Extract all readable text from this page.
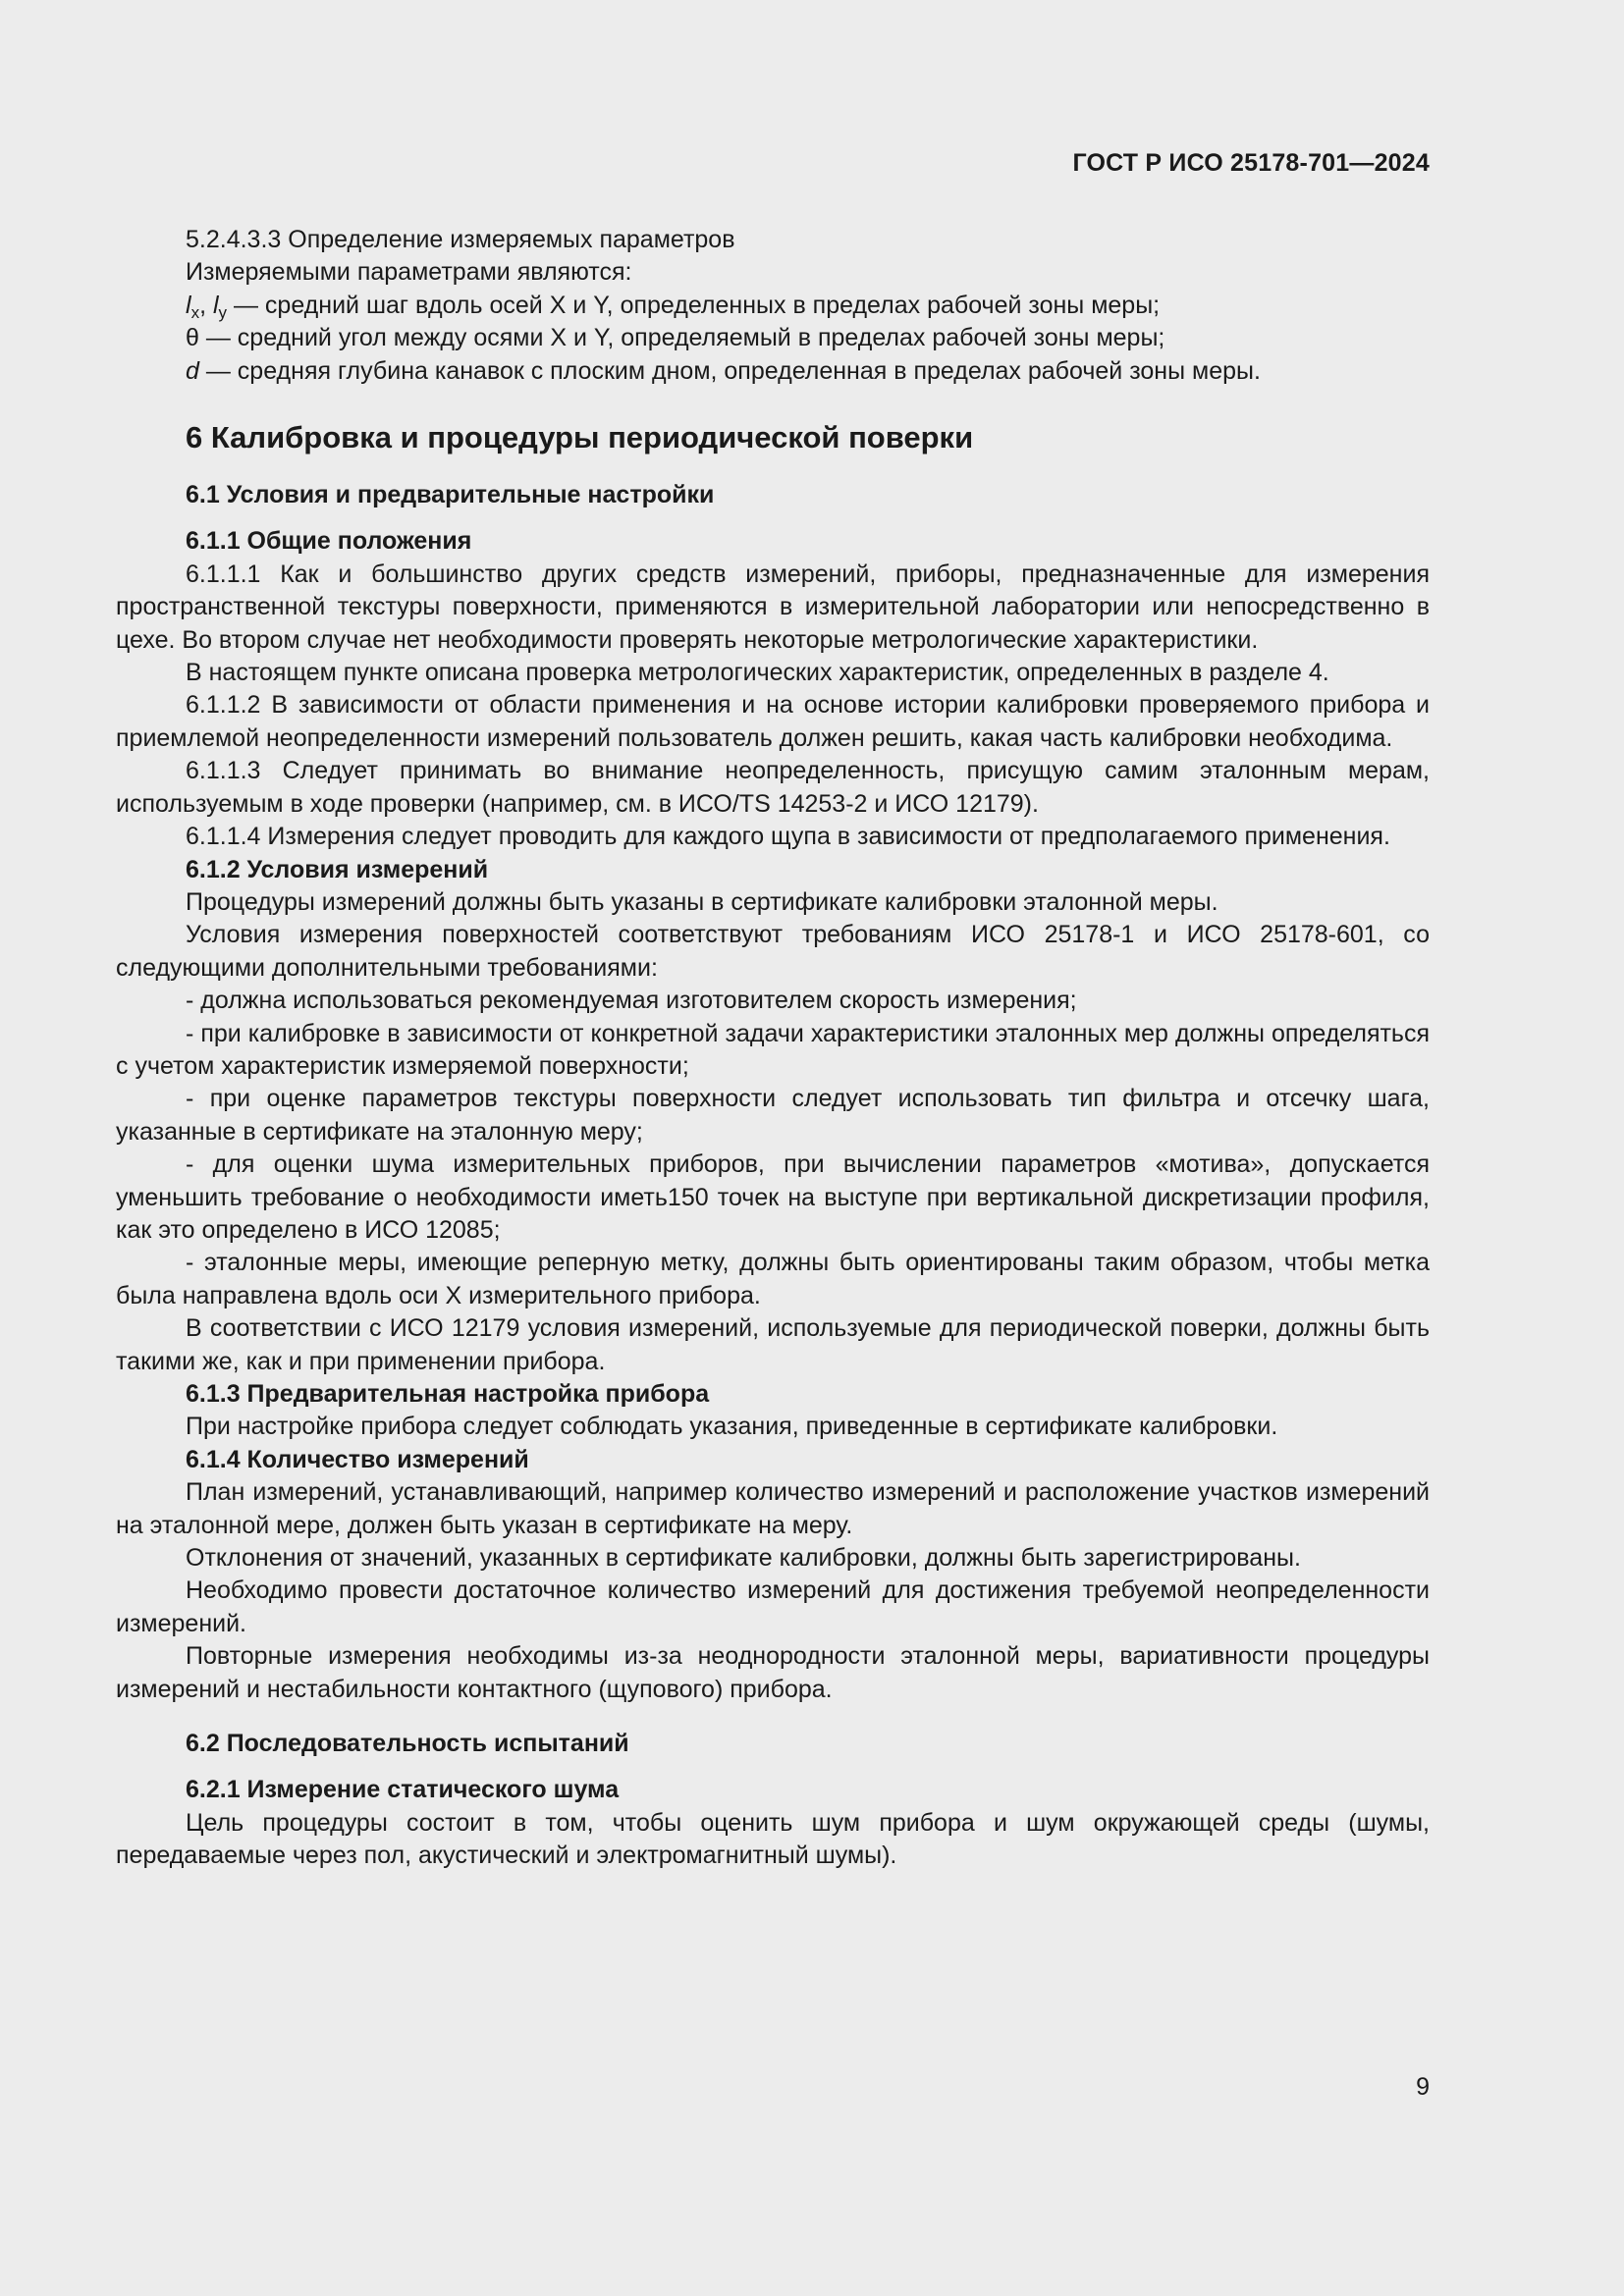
ГОСТ Р ИСО 25178-701—2024

5.2.4.3.3 Определение измеряемых параметров

Измеряемыми параметрами являются:

$l_x$, $l_y$ — средний шаг вдоль осей X и Y, определенных в пределах рабочей зоны меры;

θ — средний угол между осями X и Y, определяемый в пределах рабочей зоны меры;

d — средняя глубина канавок с плоским дном, определенная в пределах рабочей зоны меры.

6 Калибровка и процедуры периодической поверки
6.1 Условия и предварительные настройки
6.1.1 Общие положения

6.1.1.1 Как и большинство других средств измерений, приборы, предназначенные для измерения пространственной текстуры поверхности, применяются в измерительной лаборатории или непосредственно в цехе. Во втором случае нет необходимости проверять некоторые метрологические характеристики.

В настоящем пункте описана проверка метрологических характеристик, определенных в разделе 4.

6.1.1.2 В зависимости от области применения и на основе истории калибровки проверяемого прибора и приемлемой неопределенности измерений пользователь должен решить, какая часть калибровки необходима.

6.1.1.3 Следует принимать во внимание неопределенность, присущую самим эталонным мерам, используемым в ходе проверки (например, см. в ИСО/TS 14253-2 и ИСО 12179).

6.1.1.4 Измерения следует проводить для каждого щупа в зависимости от предполагаемого применения.

6.1.2 Условия измерений

Процедуры измерений должны быть указаны в сертификате калибровки эталонной меры.

Условия измерения поверхностей соответствуют требованиям ИСО 25178-1 и ИСО 25178-601, со следующими дополнительными требованиями:

- должна использоваться рекомендуемая изготовителем скорость измерения;

- при калибровке в зависимости от конкретной задачи характеристики эталонных мер должны определяться с учетом характеристик измеряемой поверхности;

- при оценке параметров текстуры поверхности следует использовать тип фильтра и отсечку шага, указанные в сертификате на эталонную меру;

- для оценки шума измерительных приборов, при вычислении параметров «мотива», допускается уменьшить требование о необходимости иметь150 точек на выступе при вертикальной дискретизации профиля, как это определено в ИСО 12085;

- эталонные меры, имеющие реперную метку, должны быть ориентированы таким образом, чтобы метка была направлена вдоль оси X измерительного прибора.

В соответствии с ИСО 12179 условия измерений, используемые для периодической поверки, должны быть такими же, как и при применении прибора.

6.1.3 Предварительная настройка прибора

При настройке прибора следует соблюдать указания, приведенные в сертификате калибровки.

6.1.4 Количество измерений

План измерений, устанавливающий, например количество измерений и расположение участков измерений на эталонной мере, должен быть указан в сертификате на меру.

Отклонения от значений, указанных в сертификате калибровки, должны быть зарегистрированы.

Необходимо провести достаточное количество измерений для достижения требуемой неопределенности измерений.

Повторные измерения необходимы из-за неоднородности эталонной меры, вариативности процедуры измерений и нестабильности контактного (щупового) прибора.

6.2 Последовательность испытаний
6.2.1 Измерение статического шума

Цель процедуры состоит в том, чтобы оценить шум прибора и шум окружающей среды (шумы, передаваемые через пол, акустический и электромагнитный шумы).

9
